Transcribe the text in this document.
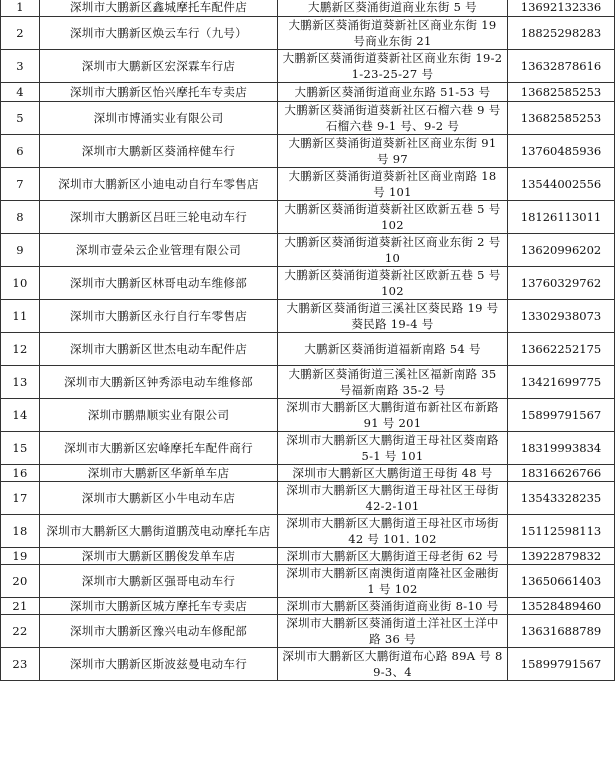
1	深圳市大鹏新区鑫城摩托车配件店	大鹏新区葵涌街道商业东街 5 号	13692132336
2	深圳市大鹏新区焕云车行（九号）	大鹏新区葵涌街道葵新社区商业东街 19 号商业东街 21	18825298283
3	深圳市大鹏新区宏深霖车行店	大鹏新区葵涌街道葵新社区商业东街 19-21-23-25-27 号	13632878616
4	深圳市大鹏新区怡兴摩托车专卖店	大鹏新区葵涌街道商业东路 51-53 号	13682585253
5	深圳市博涌实业有限公司	大鹏新区葵涌街道葵新社区石榴六巷 9 号石榴六巷 9-1 号、9-2 号	13682585253
6	深圳市大鹏新区葵涌梓健车行	大鹏新区葵涌街道葵新社区商业东街 91 号 97	13760485936
7	深圳市大鹏新区小迪电动自行车零售店	大鹏新区葵涌街道葵新社区商业南路 18 号 101	13544002556
8	深圳市大鹏新区吕旺三轮电动车行	大鹏新区葵涌街道葵新社区欧新五巷 5 号 102	18126113011
9	深圳市壹朵云企业管理有限公司	大鹏新区葵涌街道葵新社区商业东街 2 号 10	13620996202
10	深圳市大鹏新区林哥电动车维修部	大鹏新区葵涌街道葵新社区欧新五巷 5 号 102	13760329762
11	深圳市大鹏新区永行自行车零售店	大鹏新区葵涌街道三溪社区葵民路 19 号葵民路 19-4 号	13302938073
12	深圳市大鹏新区世杰电动车配件店	大鹏新区葵涌街道福新南路 54 号	13662252175
13	深圳市大鹏新区钟秀添电动车维修部	大鹏新区葵涌街道三溪社区福新南路 35 号福新南路 35-2 号	13421699775
14	深圳市鹏鼎顺实业有限公司	深圳市大鹏新区大鹏街道布新社区布新路 91 号 201	15899791567
15	深圳市大鹏新区宏峰摩托车配件商行	深圳市大鹏新区大鹏街道王母社区葵南路 5-1 号 101	18319993834
16	深圳市大鹏新区华新单车店	深圳市大鹏新区大鹏街道王母街 48 号	18316626766
17	深圳市大鹏新区小牛电动车店	深圳市大鹏新区大鹏街道王母社区王母街 42-2-101	13543328235
18	深圳市大鹏新区大鹏街道鹏茂电动摩托车店	深圳市大鹏新区大鹏街道王母社区市场街 42 号 101. 102	15112598113
19	深圳市大鹏新区鹏俊发单车店	深圳市大鹏新区大鹏街道王母老街 62 号	13922879832
20	深圳市大鹏新区强哥电动车行	深圳市大鹏新区南澳街道南隆社区金融街 1 号 102	13650661403
21	深圳市大鹏新区城方摩托车专卖店	深圳市大鹏新区葵涌街道商业街 8-10 号	13528489460
22	深圳市大鹏新区豫兴电动车修配部	深圳市大鹏新区葵涌街道土洋社区土洋中路 36 号	13631688789
23	深圳市大鹏新区斯波兹曼电动车行	深圳市大鹏新区大鹏街道布心路 89A 号 89-3、4	15899791567
